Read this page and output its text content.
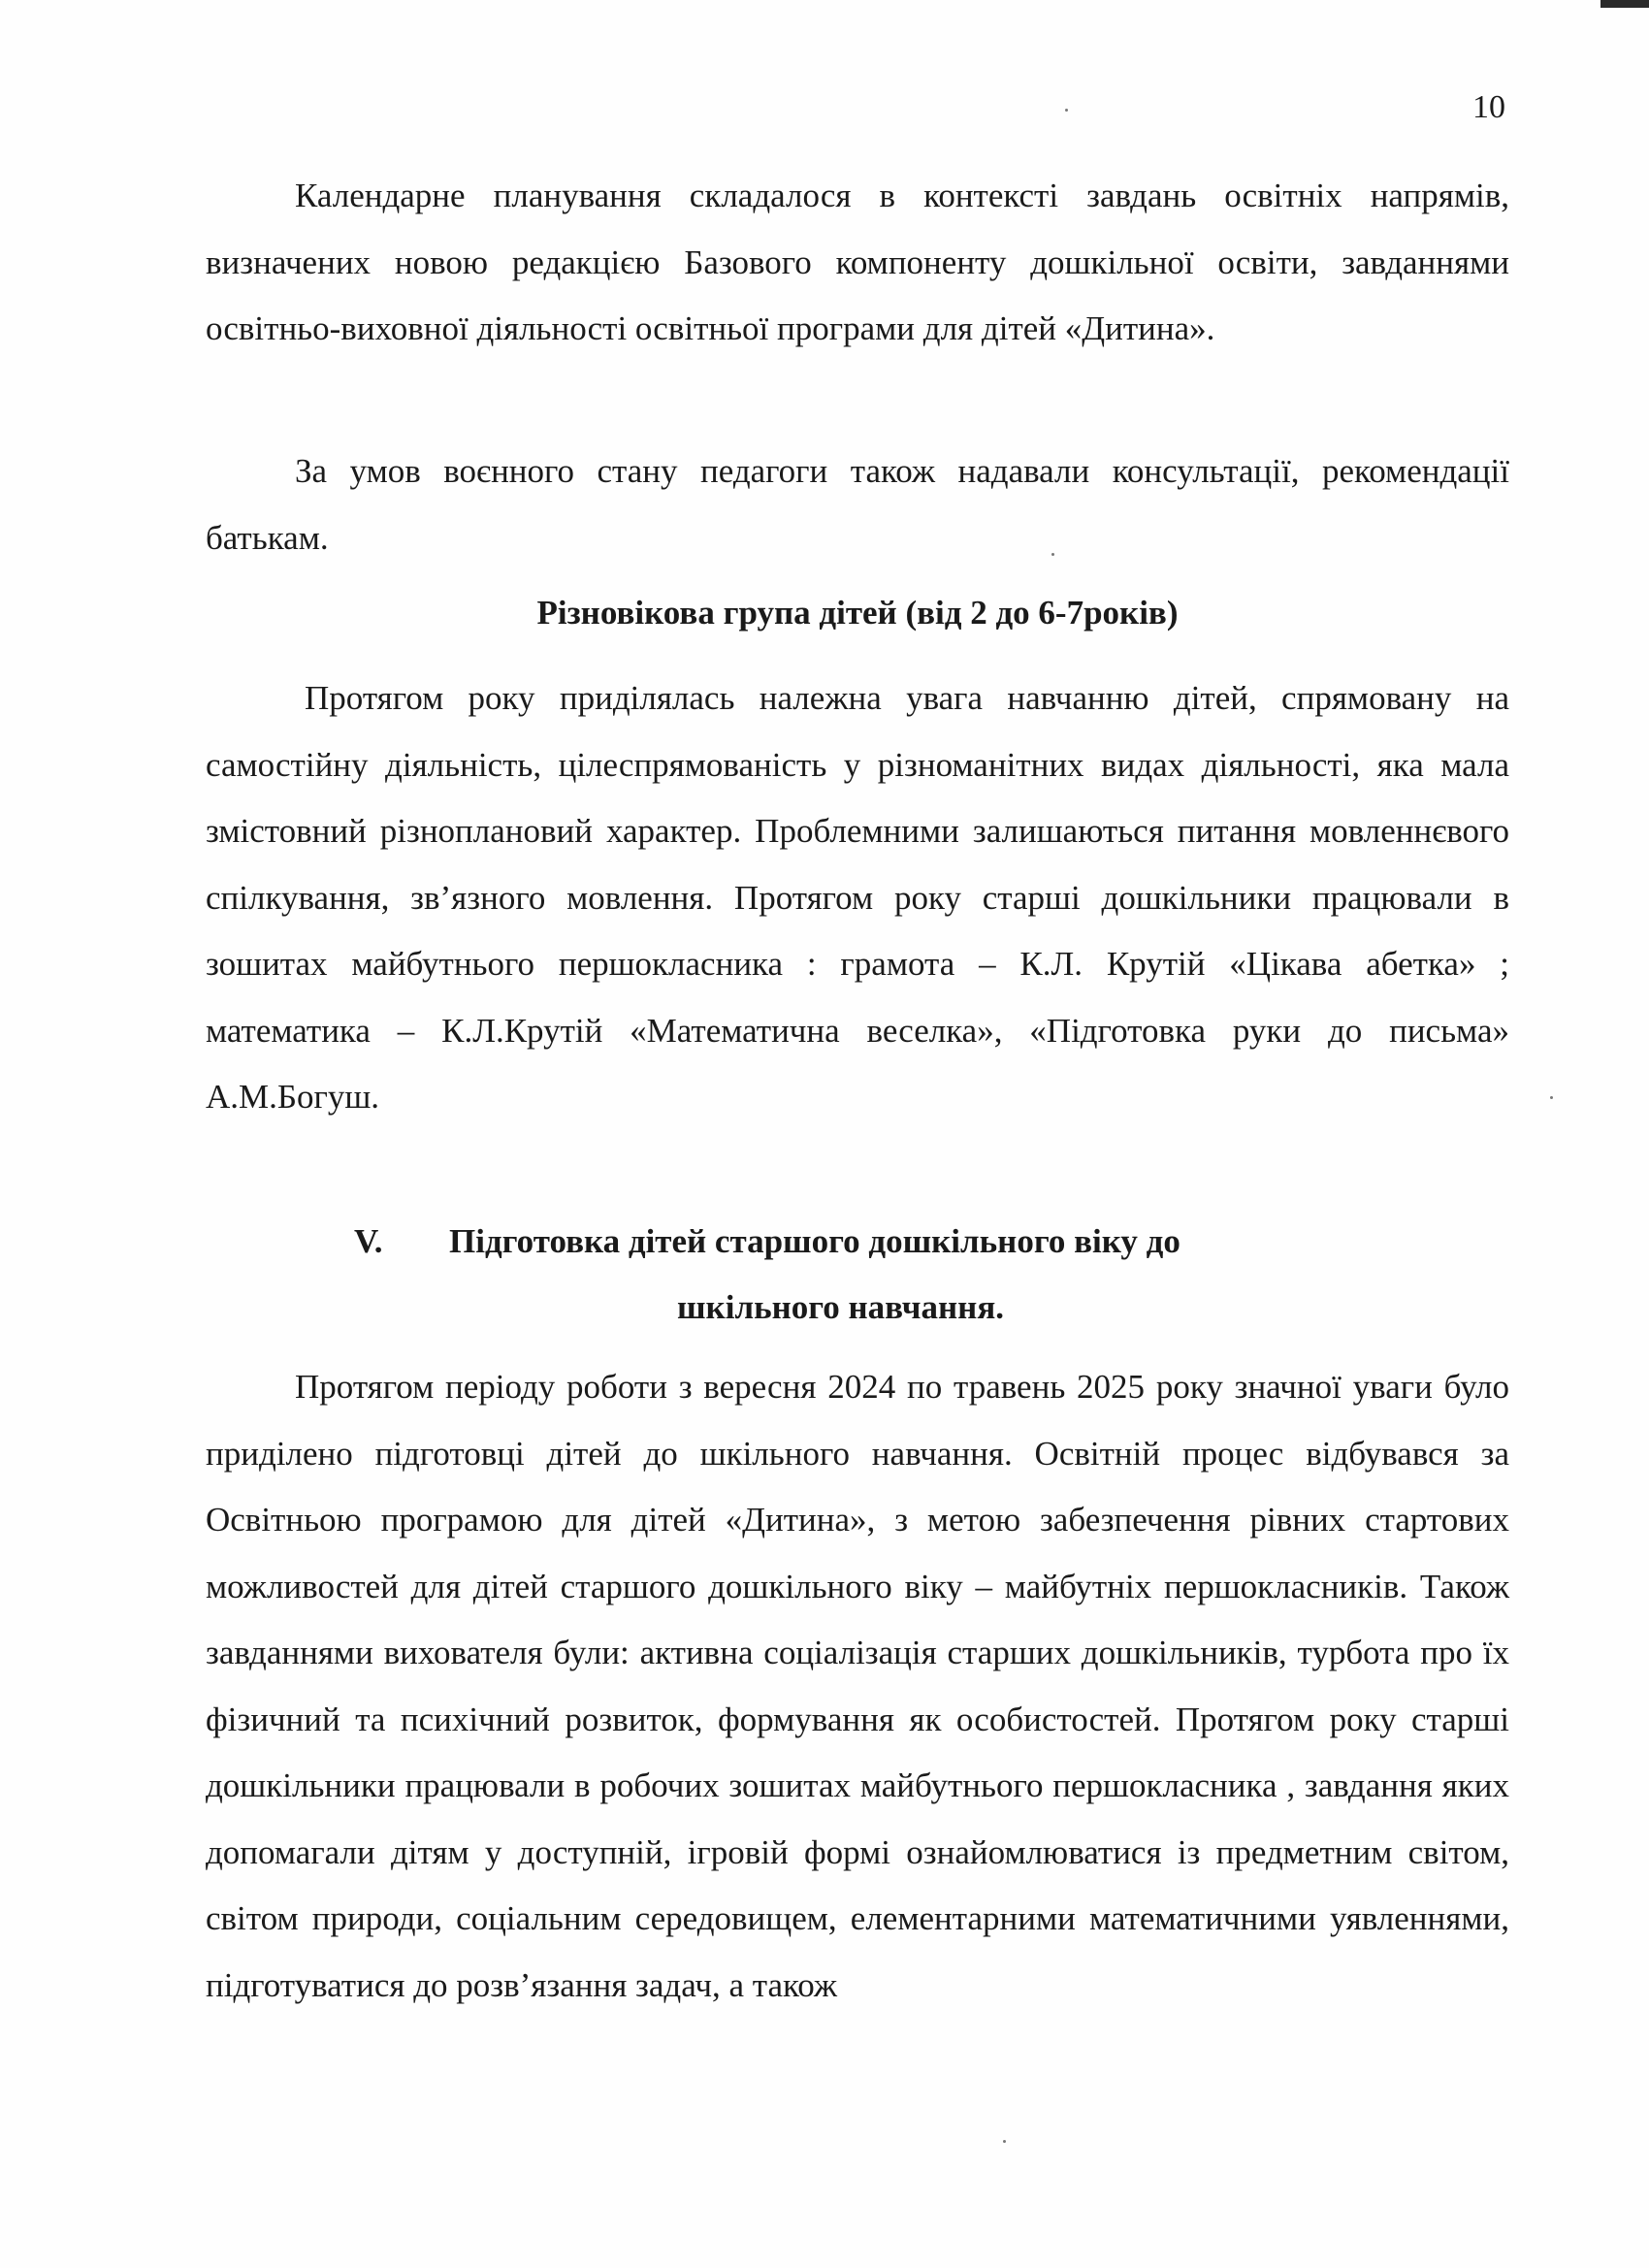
10

Календарне планування складалося в контексті завдань освітніх напрямів, визначених новою редакцією Базового компоненту дошкільної освіти, завданнями освітньо-виховної діяльності освітньої програми для дітей «Дитина».

За умов воєнного стану педагоги також надавали консультації, рекомендації батькам.

Різновікова група дітей (від 2 до 6-7років)

Протягом року приділялась належна увага навчанню дітей, спрямовану на самостійну діяльність, цілеспрямованість у різноманітних видах діяльності, яка мала змістовний різноплановий характер. Проблемними залишаються питання мовленнєвого спілкування, зв’язного мовлення. Протягом року старші дошкільники працювали в зошитах майбутнього першокласника : грамота – К.Л. Крутій «Цікава абетка» ; математика – К.Л.Крутій «Математична веселка», «Підготовка руки до письма» А.М.Богуш.

V. Підготовка дітей старшого дошкільного віку до
шкільного навчання.

Протягом періоду роботи з вересня 2024 по травень 2025 року значної уваги було приділено підготовці дітей до шкільного навчання. Освітній процес відбувався за Освітньою програмою для дітей «Дитина», з метою забезпечення рівних стартових можливостей для дітей старшого дошкільного віку – майбутніх першокласників. Також завданнями вихователя були: активна соціалізація старших дошкільників, турбота про їх фізичний та психічний розвиток, формування як особистостей. Протягом року старші дошкільники працювали в робочих зошитах майбутнього першокласника , завдання яких допомагали дітям у доступній, ігровій формі ознайомлюватися із предметним світом, світом природи, соціальним середовищем, елементарними математичними уявленнями, підготуватися до розв’язання задач, а також
